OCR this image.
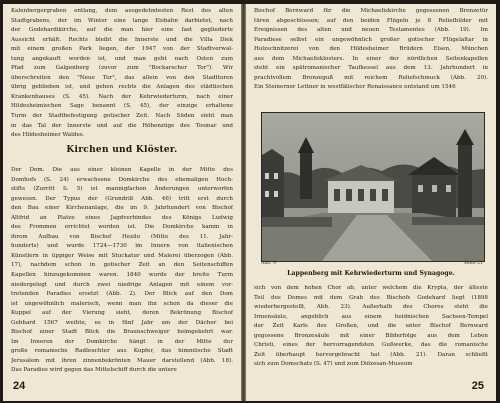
Kalenbergergraben entlang, dem ausgedehntesten Rest des alten
Stadtgrabens, der im Winter eine lange Eisbahn darbietet, nach
der Godehardikirche, auf die man hier eine fast gegliederte
Aussicht erhält. Rechts bleibt die Innerste und die Villa Diek
mit einem großen Park liegen, der 1947 von der Stadtverwal-
tung angekauft worden ist, und man geht nach Osten zum
Pfad zum Galgenberg (zuvor zum "Bockarscher Tor"). Wir
überschreiten den "Neue Tor", das allein von den Stadttoren
übrig geblieben ist, und gehen rechts die Anlagen des städtischen
Krankenhauses (S. 45). Nach der Kehrwiederturm, nach einer
Hildesheimischen Sage benannt (S. 45), der einzige erhaltene
Turm der Stadtbefestigung gotischer Zeit. Nach Süden sieht man
in das Tal der Innerste und auf die Höhenzüge des Tosmar und
des Hildesheimer Waldes.
Kirchen und Klöster.
Der Dom. Die aus einer kleinen Kapelle in der Mitte des
Domhofs (S. 24) erwachsene Domkirche des ehemaligen Hoch-
stifts (Zurritt S. 5) ist mannigfachen Änderungen unterworfen
gewesen. Der Typus der (Grundriß Abb. 46) tritt erst durch
den Bau einer Kirchenanlage, die im 9. Jahrhundert von Bischof
Altfrid an Platze eines Jagdverbindes des Königs Ludwig
des Frommen errichtet worden ist. Die Domkirche kamm in
ihrem Aufbau von Bischof Hezilo (Mitte des 11. Jahr-
hunderts) und wurde 1724—1730 im Innern von italienischen
Künstlern in üppiger Weise mit Stuckatur und Malerei überzogen (Abb.
17), nachdem schon in gotischer Zeit an den Seitenschiffen
Kapellen hinzugekommen waren. 1840 wurde der breite Turm
niedergelegt und durch zwei niedrige Anlagen mit einem vor-
tretenden Paradies ersetzt (Abb. 2). Der Blick auf den Dom
ist ungewöhnlich malerisch, wenn man ihn schon da dieser die
Kuppel auf der Vierung sieht, deren Bekrönung Bischof
Gebhard 1567 weihte, es in fünf Jahr um der Dächer bei
Bischof einer Stadt Blick die Braunschweiger heimgekehrt war.
Im Inneren der Domkirche hängt in der Mitte der
große romanische Radleuchter aus Kupfer, das himmlische Stadt
Jerusalem mit ihren zinnenbekrönten Mauer darstellend (Abb. 18).
Das Paradies wird gegen das Mittelschiff durch die untere
24
Bischof Bernward für die Michaeliskirche gegossenen Bronzetür
türen abgeschlossen; auf den beiden Flügeln je 8 Reliefbilder mit
Ereignissen des alten und neuen Testamentes (Abb. 19). Im
Paradiese selbst ein ungewöhnlich großer gotischer Flügelaltar in
Holzschnitzerei von den Hildesheimer Brüdern Elsen, München
aus dem Michaelisklosters. In einer der nördlichen Seitenkapellen
steht ein spätromanischer Taufkessel aus dem 13. Jahrhundert in
prachtvollem Bronzeguß mit reichem Reliefschmuck (Abb. 20).
Ein Steinerner Lettner in westfälischer Renaissance entstand um 1546
Abb. 9	Seite 21
Lappenberg mit Kehrwiederturm und Synagoge.
sich von dem hohen Chor ab, unter welchem die Krypta, der älteste
Teil des Domes mit dem Grab des Bischofs Godehard liegt (1898
wiederhergestellt, Abb. 23). Außerhalb des Chores steht die
Irmensäule, angeblich aus einem heidnischen Sachsen-Tempel
der Zeit Karls des Großen, und die unter Bischof Bernward
gegossene Bronzesäule mit einer Bilderfolge aus dem Leben
Christi, eines der hervorragendsten Gußwerke, das die romanische
Zeit überhaupt hervorgebracht hat (Abb. 21). Daran schließt
sich zum Domschatz (S. 47) und zum Diözesan-Museum
25
